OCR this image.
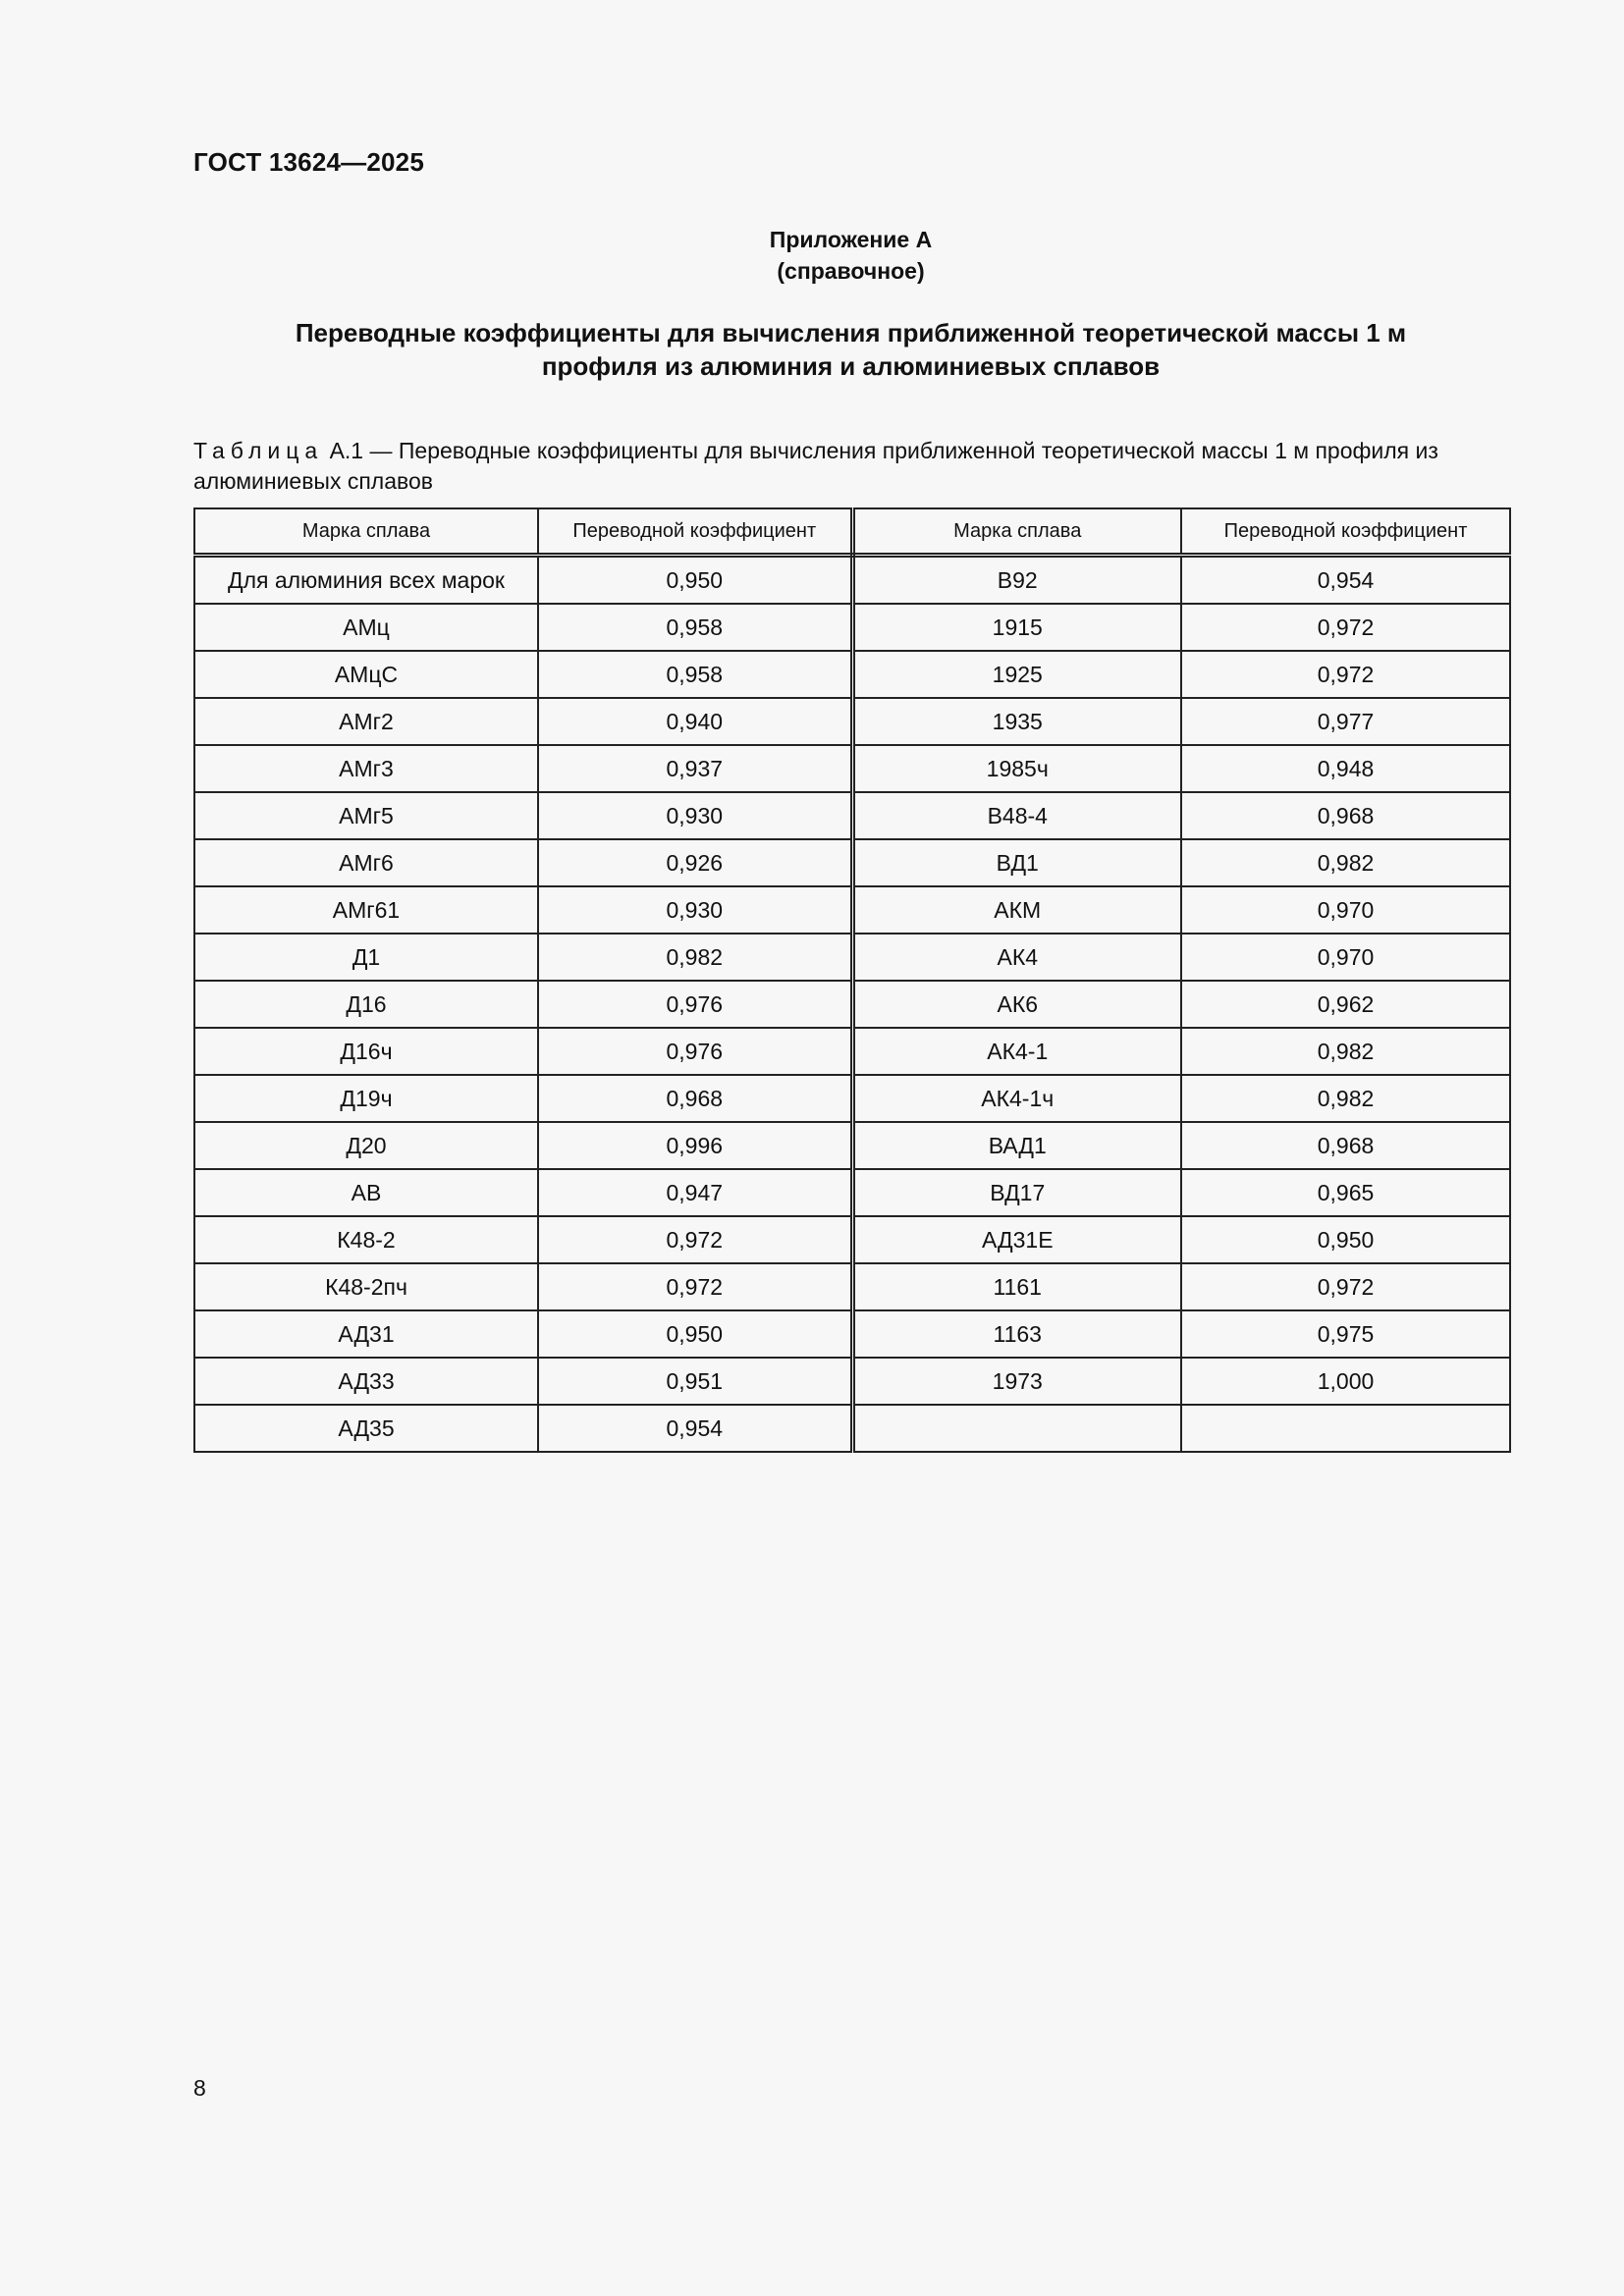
ГОСТ 13624—2025
Приложение А
(справочное)
Переводные коэффициенты для вычисления приближенной теоретической массы 1 м
профиля из алюминия и алюминиевых сплавов
Таблица А.1 — Переводные коэффициенты для вычисления приближенной теоретической массы 1 м профиля из алюминиевых сплавов
Марка сплава	Переводной коэффициент	Марка сплава	Переводной коэффициент
Для алюминия всех марок	0,950	В92	0,954
АМц	0,958	1915	0,972
АМцС	0,958	1925	0,972
АМг2	0,940	1935	0,977
АМг3	0,937	1985ч	0,948
АМг5	0,930	В48-4	0,968
АМг6	0,926	ВД1	0,982
АМг61	0,930	АКМ	0,970
Д1	0,982	АК4	0,970
Д16	0,976	АК6	0,962
Д16ч	0,976	АК4-1	0,982
Д19ч	0,968	АК4-1ч	0,982
Д20	0,996	ВАД1	0,968
АВ	0,947	ВД17	0,965
К48-2	0,972	АД31Е	0,950
К48-2пч	0,972	1161	0,972
АД31	0,950	1163	0,975
АД33	0,951	1973	1,000
АД35	0,954		
8
